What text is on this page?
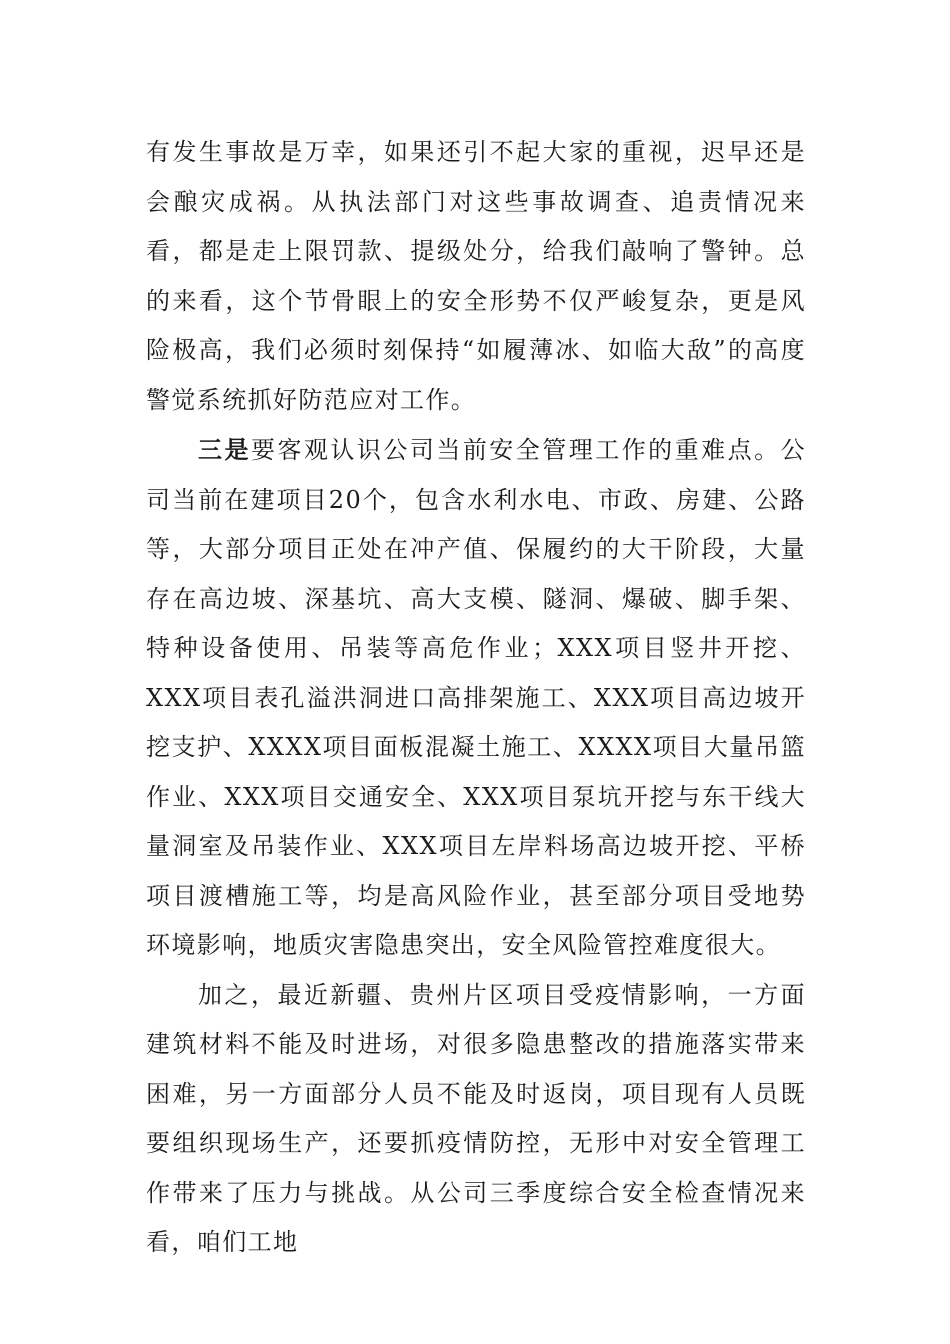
有发生事故是万幸，如果还引不起大家的重视，迟早还是会酿灾成祸。从执法部门对这些事故调查、追责情况来看，都是走上限罚款、提级处分，给我们敲响了警钟。总的来看，这个节骨眼上的安全形势不仅严峻复杂，更是风险极高，我们必须时刻保持“如履薄冰、如临大敌”的高度警觉系统抓好防范应对工作。

三是要客观认识公司当前安全管理工作的重难点。公司当前在建项目20个，包含水利水电、市政、房建、公路等，大部分项目正处在冲产值、保履约的大干阶段，大量存在高边坡、深基坑、高大支模、隧洞、爆破、脚手架、特种设备使用、吊装等高危作业；XXX项目竖井开挖、XXX项目表孔溢洪洞进口高排架施工、XXX项目高边坡开挖支护、XXXX项目面板混凝土施工、XXXX项目大量吊篮作业、XXX项目交通安全、XXX项目泵坑开挖与东干线大量洞室及吊装作业、XXX项目左岸料场高边坡开挖、平桥项目渡槽施工等，均是高风险作业，甚至部分项目受地势环境影响，地质灾害隐患突出，安全风险管控难度很大。

加之，最近新疆、贵州片区项目受疫情影响，一方面建筑材料不能及时进场，对很多隐患整改的措施落实带来困难，另一方面部分人员不能及时返岗，项目现有人员既要组织现场生产，还要抓疫情防控，无形中对安全管理工作带来了压力与挑战。从公司三季度综合安全检查情况来看，咱们工地
